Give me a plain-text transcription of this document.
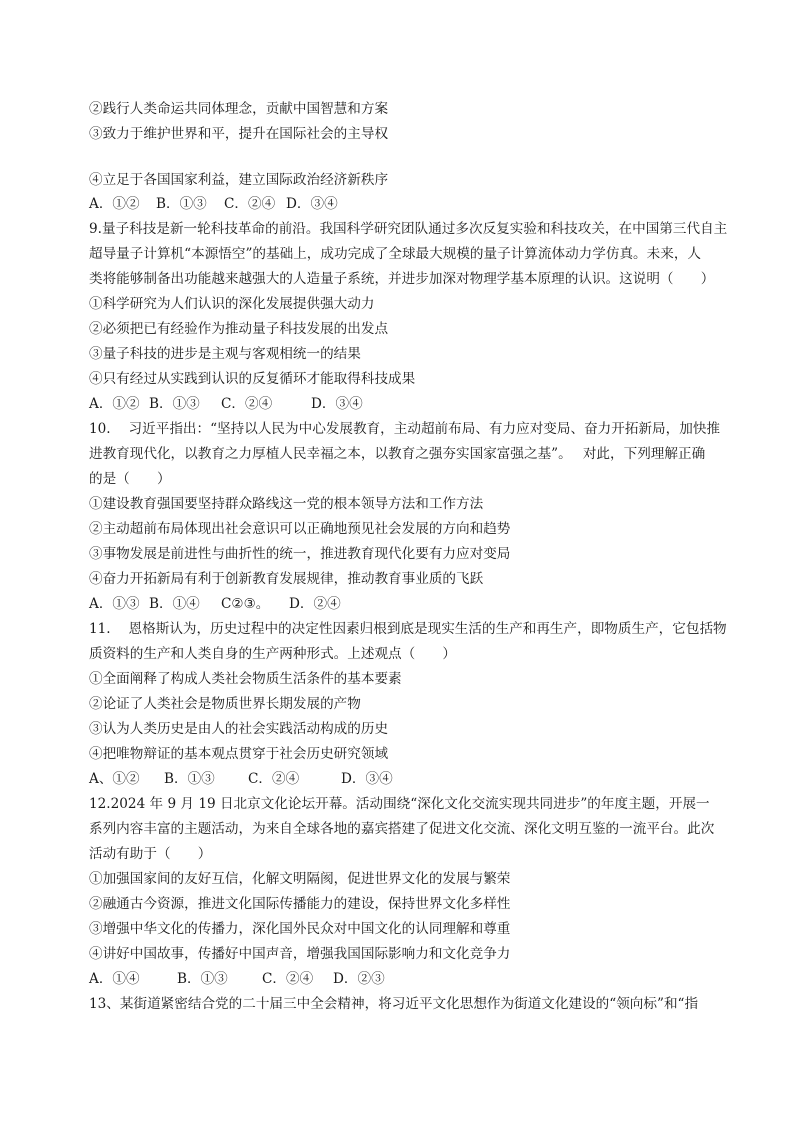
②践行人类命运共同体理念，贡献中国智慧和方案
③致力于维护世界和平，提升在国际社会的主导权
④立足于各国国家利益，建立国际政治经济新秩序
A．①② B．①③ C．②④ D．③④
9.量子科技是新一轮科技革命的前沿。我国科学研究团队通过多次反复实验和科技攻关，在中国第三代自主
超导量子计算机“本源悟空”的基础上，成功完成了全球最大规模的量子计算流体动力学仿真。未来，人
类将能够制备出功能越来越强大的人造量子系统，并进步加深对物理学基本原理的认识。这说明（　　）
①科学研究为人们认识的深化发展提供强大动力
②必须把已有经验作为推动量子科技发展的出发点
③量子科技的进步是主观与客观相统一的结果
④只有经过从实践到认识的反复循环才能取得科技成果
A．①② B．①③ C．②④	D．③④
10.　 习近平指出：“坚持以人民为中心发展教育，主动超前布局、有力应对变局、奋力开拓新局，加快推
进教育现代化，以教育之力厚植人民幸福之本，以教育之强夯实国家富强之基”。　 对此，下列理解正确
的是（　　）
①建设教育强国要坚持群众路线这一党的根本领导方法和工作方法
②主动超前布局体现出社会意识可以正确地预见社会发展的方向和趋势
③事物发展是前进性与曲折性的统一，推进教育现代化要有力应对变局
④奋力开拓新局有利于创新教育发展规律，推动教育事业质的飞跃
A．①③ B．①④ C②③。 D．②④
11.　 恩格斯认为，历史过程中的决定性因素归根到底是现实生活的生产和再生产，即物质生产，它包括物
质资料的生产和人类自身的生产两种形式。上述观点（　　）
①全面阐释了构成人类社会物质生活条件的基本要素
②论证了人类社会是物质世界长期发展的产物
③认为人类历史是由人的社会实践活动构成的历史
④把唯物辩证的基本观点贯穿于社会历史研究领域
A、①② B．①③ C．②④	D．③④
12.2024 年 9 月 19 日北京文化论坛开幕。活动围绕“深化文化交流实现共同进步”的年度主题，开展一
系列内容丰富的主题活动，为来自全球各地的嘉宾搭建了促进文化交流、深化文明互鉴的一流平台。此次
活动有助于（　　）
①加强国家间的友好互信，化解文明隔阂，促进世界文化的发展与繁荣
②融通古今资源，推进文化国际传播能力的建设，保持世界文化多样性
③增强中华文化的传播力，深化国外民众对中国文化的认同理解和尊重
④讲好中国故事，传播好中国声音，增强我国国际影响力和文化竞争力
A．①④	B．①③	C．②④ D．②③
13、某街道紧密结合党的二十届三中全会精神，将习近平文化思想作为街道文化建设的“领向标”和“指
